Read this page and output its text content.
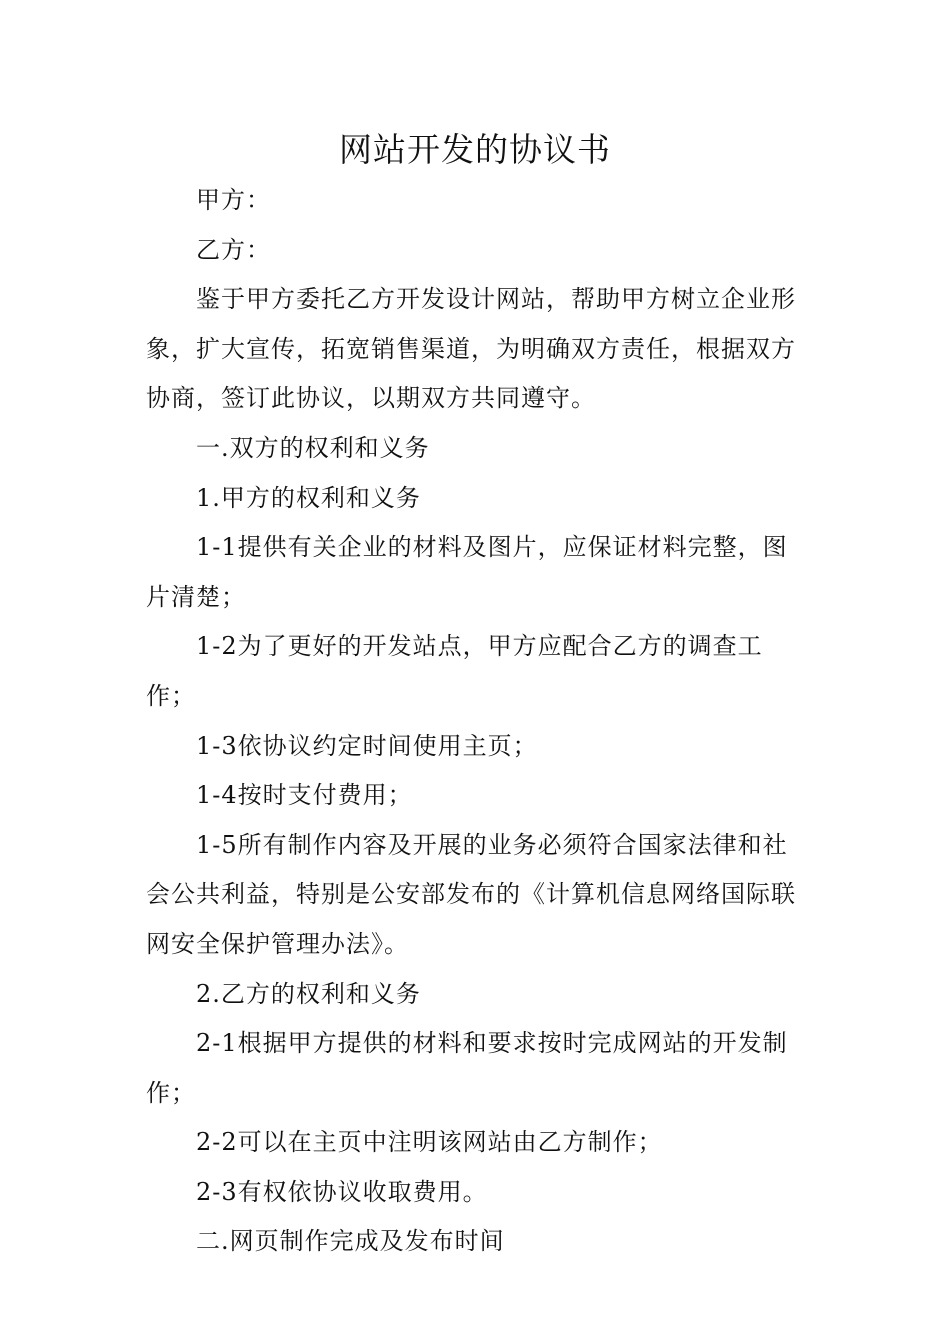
网站开发的协议书

甲方：

乙方：

鉴于甲方委托乙方开发设计网站，帮助甲方树立企业形象，扩大宣传，拓宽销售渠道，为明确双方责任，根据双方协商，签订此协议，以期双方共同遵守。

一.双方的权利和义务

1.甲方的权利和义务

1-1提供有关企业的材料及图片，应保证材料完整，图片清楚；

1-2为了更好的开发站点，甲方应配合乙方的调查工作；

1-3依协议约定时间使用主页；

1-4按时支付费用；

1-5所有制作内容及开展的业务必须符合国家法律和社会公共利益，特别是公安部发布的《计算机信息网络国际联网安全保护管理办法》。

2.乙方的权利和义务

2-1根据甲方提供的材料和要求按时完成网站的开发制作；

2-2可以在主页中注明该网站由乙方制作；

2-3有权依协议收取费用。

二.网页制作完成及发布时间
